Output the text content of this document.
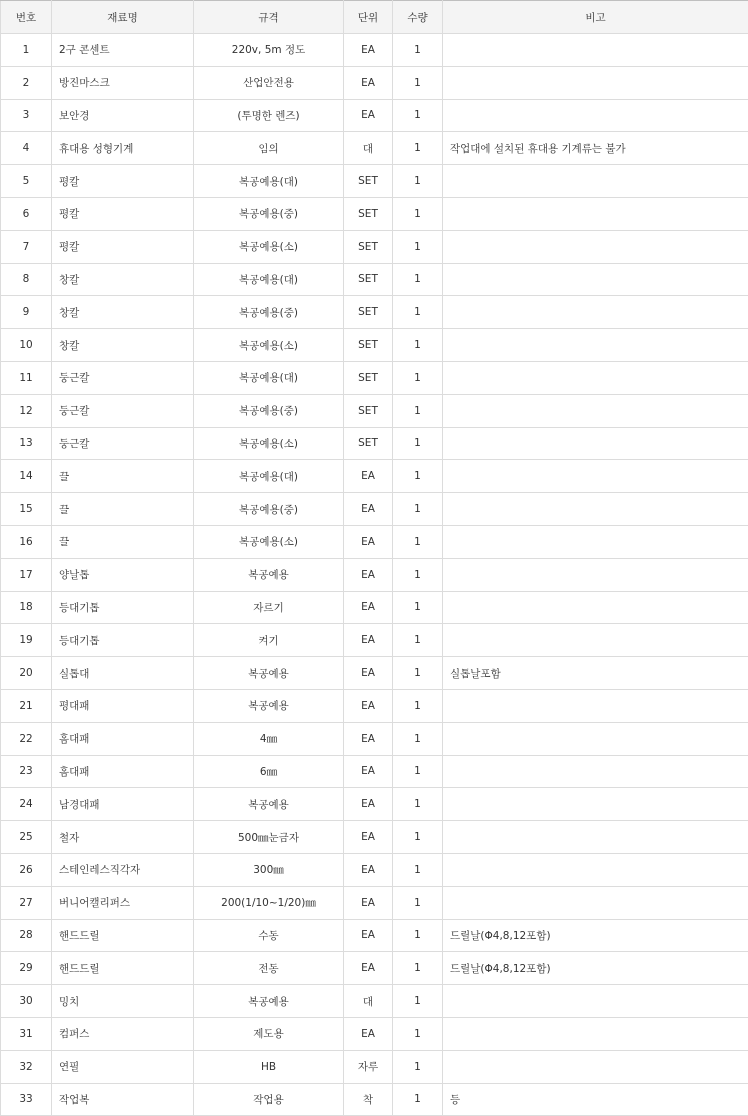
번호	재료명	규격	단위	수량	비고
1	2구 콘센트	220v, 5m 정도	EA	1	
2	방진마스크	산업안전용	EA	1	
3	보안경	(투명한 렌즈)	EA	1	
4	휴대용 성형기계	임의	대	1	작업대에 설치된 휴대용 기계류는 불가
5	평칼	복공예용(대)	SET	1	
6	평칼	복공예용(중)	SET	1	
7	평칼	복공예용(소)	SET	1	
8	창칼	복공예용(대)	SET	1	
9	창칼	복공예용(중)	SET	1	
10	창칼	복공예용(소)	SET	1	
11	둥근칼	복공예용(대)	SET	1	
12	둥근칼	복공예용(중)	SET	1	
13	둥근칼	복공예용(소)	SET	1	
14	끌	복공예용(대)	EA	1	
15	끌	복공예용(중)	EA	1	
16	끌	복공예용(소)	EA	1	
17	양날톱	복공예용	EA	1	
18	등대기톱	자르기	EA	1	
19	등대기톱	켜기	EA	1	
20	실톱대	복공예용	EA	1	실톱날포함
21	평대패	복공예용	EA	1	
22	홈대패	4㎜	EA	1	
23	홈대패	6㎜	EA	1	
24	남경대패	복공예용	EA	1	
25	철자	500㎜눈금자	EA	1	
26	스테인레스직각자	300㎜	EA	1	
27	버니어캘리퍼스	200(1/10~1/20)㎜	EA	1	
28	핸드드릴	수동	EA	1	드릴날(Φ4,8,12포함)
29	핸드드릴	전동	EA	1	드릴날(Φ4,8,12포함)
30	밍치	복공예용	대	1	
31	컴퍼스	제도용	EA	1	
32	연필	HB	자루	1	
33	작업복	작업용	착	1	등
